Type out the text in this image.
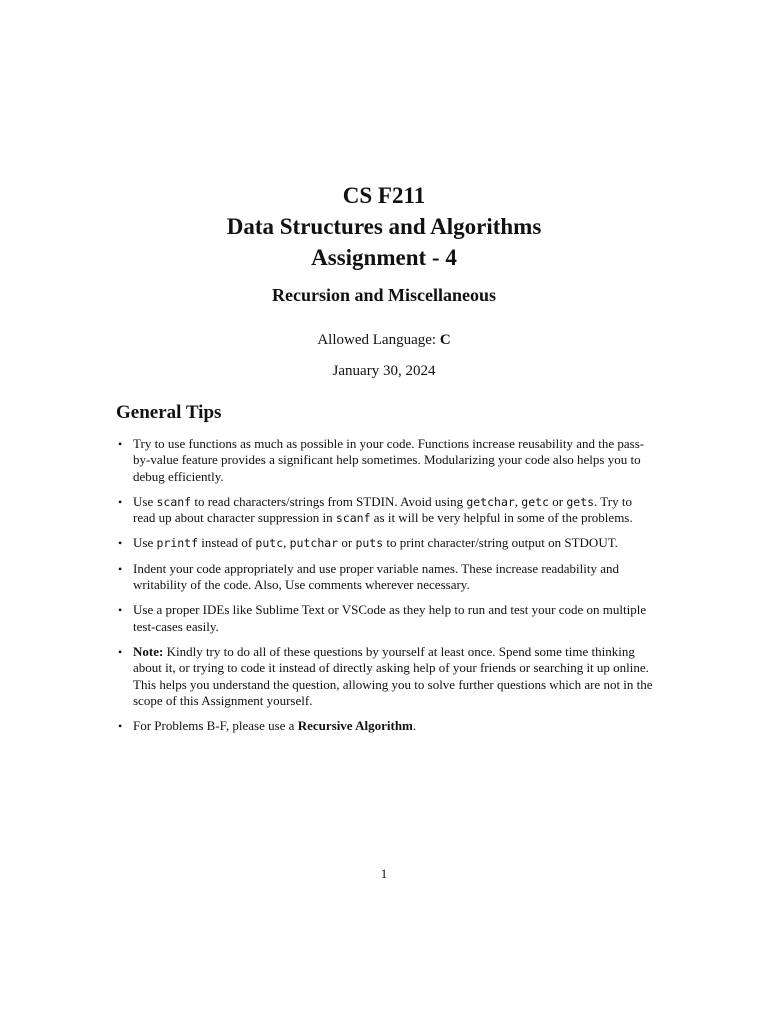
CS F211
Data Structures and Algorithms
Assignment - 4
Recursion and Miscellaneous
Allowed Language: C
January 30, 2024
General Tips
• Try to use functions as much as possible in your code. Functions increase reusability and the pass-by-value feature provides a significant help sometimes. Modularizing your code also helps you to debug efficiently.
• Use scanf to read characters/strings from STDIN. Avoid using getchar, getc or gets. Try to read up about character suppression in scanf as it will be very helpful in some of the problems.
• Use printf instead of putc, putchar or puts to print character/string output on STDOUT.
• Indent your code appropriately and use proper variable names. These increase readability and writability of the code. Also, Use comments wherever necessary.
• Use a proper IDEs like Sublime Text or VSCode as they help to run and test your code on multiple test-cases easily.
• Note: Kindly try to do all of these questions by yourself at least once. Spend some time thinking about it, or trying to code it instead of directly asking help of your friends or searching it up online. This helps you understand the question, allowing you to solve further questions which are not in the scope of this Assignment yourself.
• For Problems B-F, please use a Recursive Algorithm.
1
